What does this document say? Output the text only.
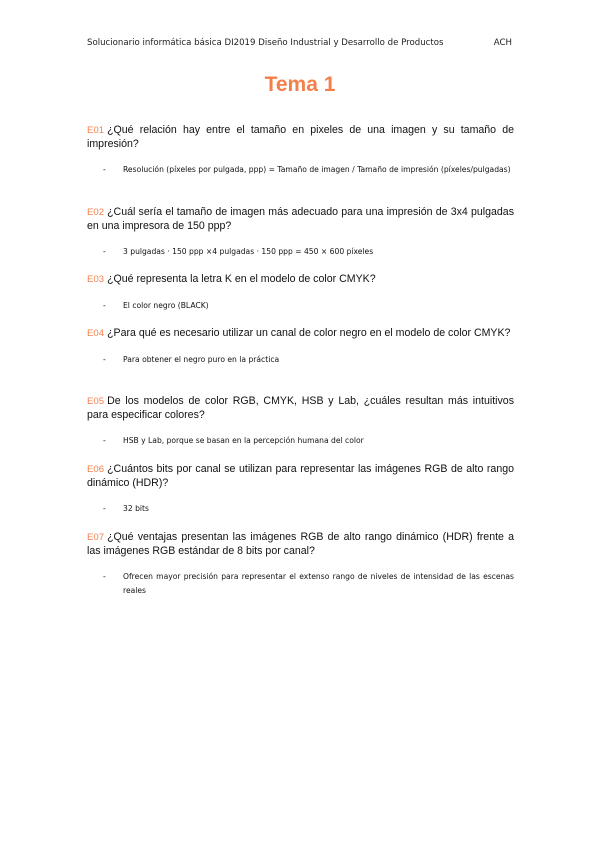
Solucionario informática básica DI2019 Diseño Industrial y Desarrollo de Productos	ACH
Tema 1

E01 ¿Qué relación hay entre el tamaño en pixeles de una imagen y su tamaño de impresión?

- Resolución (píxeles por pulgada, ppp) = Tamaño de imagen / Tamaño de impresión (píxeles/pulgadas)

E02 ¿Cuál sería el tamaño de imagen más adecuado para una impresión de 3x4 pulgadas en una impresora de 150 ppp?

- 3 pulgadas · 150 ppp ×4 pulgadas · 150 ppp = 450 × 600 píxeles

E03 ¿Qué representa la letra K en el modelo de color CMYK?

- El color negro (BLACK)

E04 ¿Para qué es necesario utilizar un canal de color negro en el modelo de color CMYK?

- Para obtener el negro puro en la práctica

E05 De los modelos de color RGB, CMYK, HSB y Lab, ¿cuáles resultan más intuitivos para especificar colores?

- HSB y Lab, porque se basan en la percepción humana del color

E06 ¿Cuántos bits por canal se utilizan para representar las imágenes RGB de alto rango dinámico (HDR)?

- 32 bits

E07 ¿Qué ventajas presentan las imágenes RGB de alto rango dinámico (HDR) frente a las imágenes RGB estándar de 8 bits por canal?

- Ofrecen mayor precisión para representar el extenso rango de niveles de intensidad de las escenas reales
